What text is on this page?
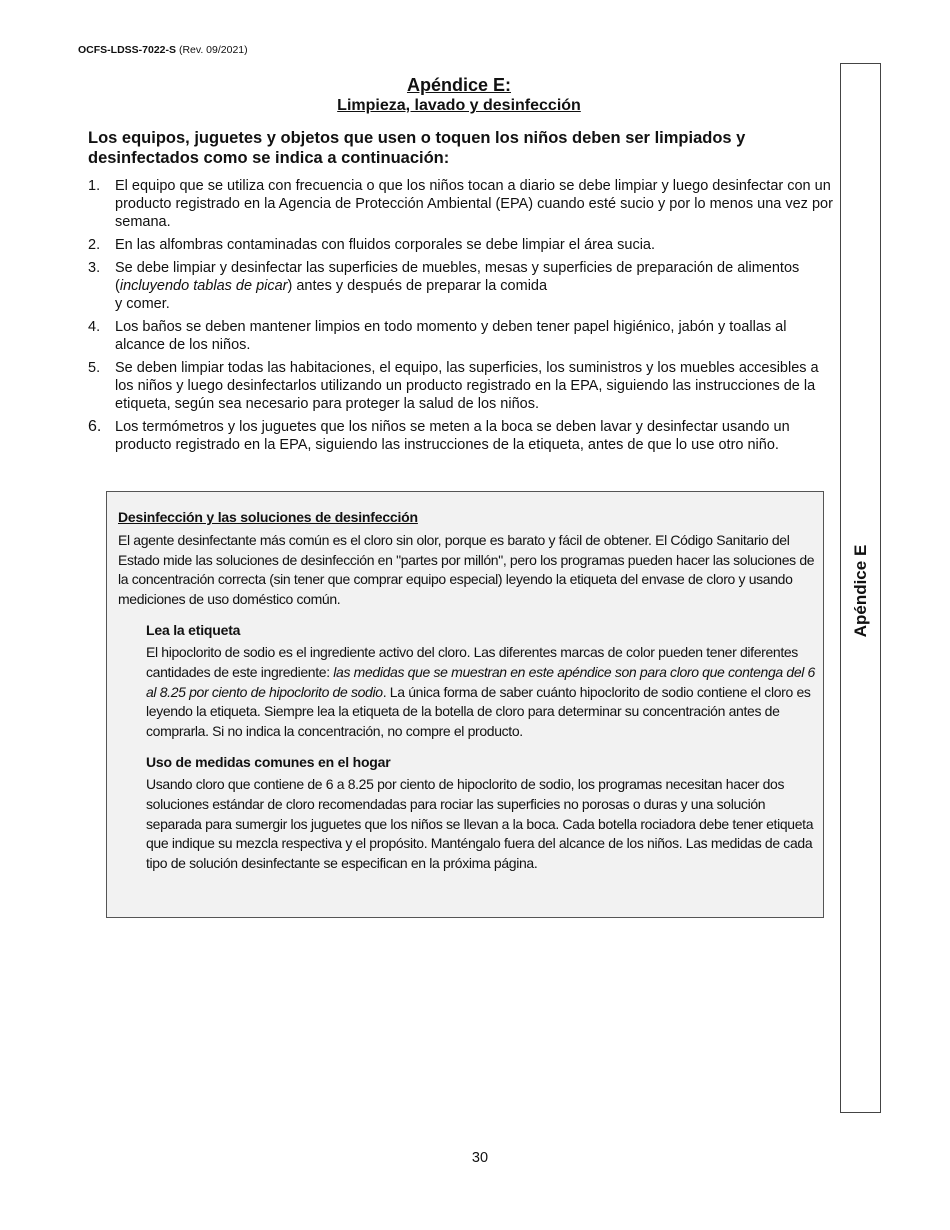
OCFS-LDSS-7022-S (Rev. 09/2021)
Apéndice E:
Limpieza, lavado y desinfección
Los equipos, juguetes y objetos que usen o toquen los niños deben ser limpiados y desinfectados como se indica a continuación:
1. El equipo que se utiliza con frecuencia o que los niños tocan a diario se debe limpiar y luego desinfectar con un producto registrado en la Agencia de Protección Ambiental (EPA) cuando esté sucio y por lo menos una vez por semana.
2. En las alfombras contaminadas con fluidos corporales se debe limpiar el área sucia.
3. Se debe limpiar y desinfectar las superficies de muebles, mesas y superficies de preparación de alimentos (incluyendo tablas de picar) antes y después de preparar la comida
y comer.
4. Los baños se deben mantener limpios en todo momento y deben tener papel higiénico, jabón y toallas al alcance de los niños.
5. Se deben limpiar todas las habitaciones, el equipo, las superficies, los suministros y los muebles accesibles a los niños y luego desinfectarlos utilizando un producto registrado en la EPA, siguiendo las instrucciones de la etiqueta, según sea necesario para proteger la salud de los niños.
6. Los termómetros y los juguetes que los niños se meten a la boca se deben lavar y desinfectar usando un producto registrado en la EPA, siguiendo las instrucciones de la etiqueta, antes de que lo use otro niño.
Desinfección y las soluciones de desinfección

El agente desinfectante más común es el cloro sin olor, porque es barato y fácil de obtener. El Código Sanitario del Estado mide las soluciones de desinfección en "partes por millón", pero los programas pueden hacer las soluciones de la concentración correcta (sin tener que comprar equipo especial) leyendo la etiqueta del envase de cloro y usando mediciones de uso doméstico común.

Lea la etiqueta

El hipoclorito de sodio es el ingrediente activo del cloro. Las diferentes marcas de color pueden tener diferentes cantidades de este ingrediente: las medidas que se muestran en este apéndice son para cloro que contenga del 6 al 8.25 por ciento de hipoclorito de sodio. La única forma de saber cuánto hipoclorito de sodio contiene el cloro es leyendo la etiqueta. Siempre lea la etiqueta de la botella de cloro para determinar su concentración antes de comprarla. Si no indica la concentración, no compre el producto.

Uso de medidas comunes en el hogar

Usando cloro que contiene de 6 a 8.25 por ciento de hipoclorito de sodio, los programas necesitan hacer dos soluciones estándar de cloro recomendadas para rociar las superficies no porosas o duras y una solución separada para sumergir los juguetes que los niños se llevan a la boca. Cada botella rociadora debe tener etiqueta que indique su mezcla respectiva y el propósito. Manténgalo fuera del alcance de los niños. Las medidas de cada tipo de solución desinfectante se especifican en la próxima página.

Apéndice E
30
